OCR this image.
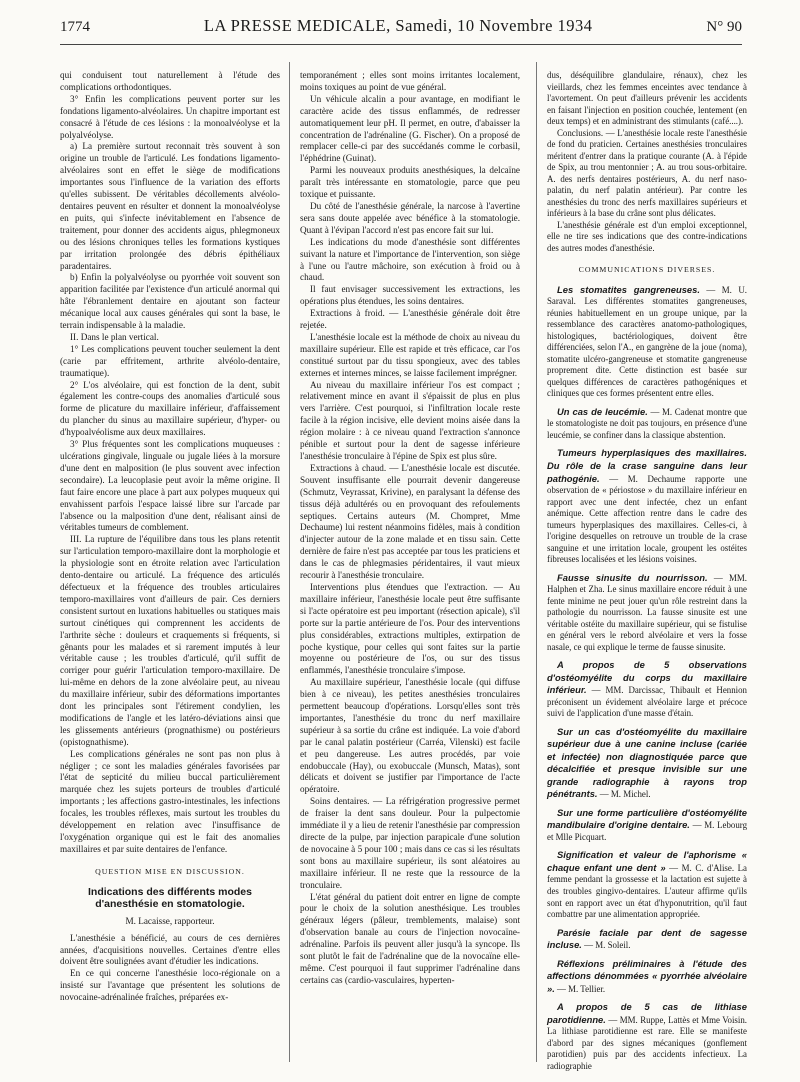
1774	LA PRESSE MEDICALE, Samedi, 10 Novembre 1934	N° 90

qui conduisent tout naturellement à l'étude des complications orthodontiques.

3° Enfin les complications peuvent porter sur les fondations ligamento-alvéolaires. Un chapitre important est consacré à l'étude de ces lésions : la monoalvéolyse et la polyalvéolyse.

a) La première surtout reconnait très souvent à son origine un trouble de l'articulé. Les fondations ligamento-alvéolaires sont en effet le siège de modifications importantes sous l'influence de la variation des efforts qu'elles subissent. De véritables décollements alvéolo-dentaires peuvent en résulter et donnent la monoalvéolyse en puits, qui s'infecte inévitablement en l'absence de traitement, pour donner des accidents aigus, phlegmoneux ou des lésions chroniques telles les formations kystiques par irritation prolongée des débris épithéliaux paradentaires.

b) Enfin la polyalvéolyse ou pyorrhée voit souvent son apparition facilitée par l'existence d'un articulé anormal qui hâte l'ébranlement dentaire en ajoutant son facteur mécanique local aux causes générales qui sont la base, le terrain indispensable à la maladie.

II. Dans le plan vertical.

1° Les complications peuvent toucher seulement la dent (carie par effritement, arthrite alvéolo-dentaire, traumatique).

2° L'os alvéolaire, qui est fonction de la dent, subit également les contre-coups des anomalies d'articulé sous forme de plicature du maxillaire inférieur, d'affaissement du plancher du sinus au maxillaire supérieur, d'hyper- ou d'hypoalvéolisme aux deux maxillaires.

3° Plus fréquentes sont les complications muqueuses : ulcérations gingivale, linguale ou jugale liées à la morsure d'une dent en malposition (le plus souvent avec infection secondaire). La leucoplasie peut avoir la même origine. Il faut faire encore une place à part aux polypes muqueux qui envahissent parfois l'espace laissé libre sur l'arcade par l'absence ou la malposition d'une dent, réalisant ainsi de véritables tumeurs de comblement.

III. La rupture de l'équilibre dans tous les plans retentit sur l'articulation temporo-maxillaire dont la morphologie et la physiologie sont en étroite relation avec l'articulation dento-dentaire ou articulé. La fréquence des articulés défectueux et la fréquence des troubles articulaires temporo-maxillaires vont d'ailleurs de pair. Ces derniers consistent surtout en luxations habituelles ou statiques mais surtout cinétiques qui comprennent les accidents de l'arthrite sèche : douleurs et craquements si fréquents, si gênants pour les malades et si rarement imputés à leur véritable cause ; les troubles d'articulé, qu'il suffit de corriger pour guérir l'articulation temporo-maxillaire. De lui-même en dehors de la zone alvéolaire peut, au niveau du maxillaire inférieur, subir des déformations importantes dont les principales sont l'étirement condylien, les modifications de l'angle et les latéro-déviations ainsi que les glissements antérieurs (prognathisme) ou postérieurs (opistognathisme).

Les complications générales ne sont pas non plus à négliger ; ce sont les maladies générales favorisées par l'état de septicité du milieu buccal particulièrement marquée chez les sujets porteurs de troubles d'articulé importants ; les affections gastro-intestinales, les infections focales, les troubles réflexes, mais surtout les troubles du développement en relation avec l'insuffisance de l'oxygénation organique qui est le fait des anomalies maxillaires et par suite dentaires de l'enfance.

QUESTION MISE EN DISCUSSION.

Indications des différents modes d'anesthésie en stomatologie.

M. Lacaisse, rapporteur.

L'anesthésie a bénéficié, au cours de ces dernières années, d'acquisitions nouvelles. Certaines d'entre elles doivent être soulignées avant d'étudier les indications.

En ce qui concerne l'anesthésie loco-régionale on a insisté sur l'avantage que présentent les solutions de novocaine-adrénalinée fraîches, préparées ex-

temporanément ; elles sont moins irritantes localement, moins toxiques au point de vue général.

Un véhicule alcalin a pour avantage, en modifiant le caractère acide des tissus enflammés, de redresser automatiquement leur pH. Il permet, en outre, d'abaisser la concentration de l'adrénaline (G. Fischer). On a proposé de remplacer celle-ci par des succédanés comme le corbasil, l'éphédrine (Guinat).

Parmi les nouveaux produits anesthésiques, la delcaïne paraît très intéressante en stomatologie, parce que peu toxique et puissante.

Du côté de l'anesthésie générale, la narcose à l'avertine sera sans doute appelée avec bénéfice à la stomatologie. Quant à l'évipan l'accord n'est pas encore fait sur lui.

Les indications du mode d'anesthésie sont différentes suivant la nature et l'importance de l'intervention, son siège à l'une ou l'autre mâchoire, son exécution à froid ou à chaud.

Il faut envisager successivement les extractions, les opérations plus étendues, les soins dentaires.

Extractions à froid. — L'anesthésie générale doit être rejetée.

L'anesthésie locale est la méthode de choix au niveau du maxillaire supérieur. Elle est rapide et très efficace, car l'os constitué surtout par du tissu spongieux, avec des tables externes et internes minces, se laisse facilement imprégner.

Au niveau du maxillaire inférieur l'os est compact ; relativement mince en avant il s'épaissit de plus en plus vers l'arrière. C'est pourquoi, si l'infiltration locale reste facile à la région incisive, elle devient moins aisée dans la région molaire : à ce niveau quand l'extraction s'annonce pénible et surtout pour la dent de sagesse inférieure l'anesthésie tronculaire à l'épine de Spix est plus sûre.

Extractions à chaud. — L'anesthésie locale est discutée. Souvent insuffisante elle pourrait devenir dangereuse (Schmutz, Veyrassat, Krivine), en paralysant la défense des tissus déjà adultérés ou en provoquant des refoulements septiques. Certains auteurs (M. Chompret, Mme Dechaume) lui restent néanmoins fidèles, mais à condition d'injecter autour de la zone malade et en tissu sain. Cette dernière de faire n'est pas acceptée par tous les praticiens et dans le cas de phlegmasies péridentaires, il vaut mieux recourir à l'anesthésie tronculaire.

Interventions plus étendues que l'extraction. — Au maxillaire inférieur, l'anesthésie locale peut être suffisante si l'acte opératoire est peu important (résection apicale), s'il porte sur la partie antérieure de l'os. Pour des interventions plus considérables, extractions multiples, extirpation de poche kystique, pour celles qui sont faites sur la partie moyenne ou postérieure de l'os, ou sur des tissus enflammés, l'anesthésie tronculaire s'impose.

Au maxillaire supérieur, l'anesthésie locale (qui diffuse bien à ce niveau), les petites anesthésies tronculaires permettent beaucoup d'opérations. Lorsqu'elles sont très importantes, l'anesthésie du tronc du nerf maxillaire supérieur à sa sortie du crâne est indiquée. La voie d'abord par le canal palatin postérieur (Carréa, Vilenski) est facile et peu dangereuse. Les autres procédés, par voie endobuccale (Hay), ou exobuccale (Munsch, Matas), sont délicats et doivent se justifier par l'importance de l'acte opératoire.

Soins dentaires. — La réfrigération progressive permet de fraiser la dent sans douleur. Pour la pulpectomie immédiate il y a lieu de retenir l'anesthésie par compression directe de la pulpe, par injection parapicale d'une solution de novocaine à 5 pour 100 ; mais dans ce cas si les résultats sont bons au maxillaire supérieur, ils sont aléatoires au maxillaire inférieur. Il ne reste que la ressource de la tronculaire.

L'état général du patient doit entrer en ligne de compte pour le choix de la solution anesthésique. Les troubles généraux légers (pâleur, tremblements, malaise) sont d'observation banale au cours de l'injection novocaïne-adrénaline. Parfois ils peuvent aller jusqu'à la syncope. Ils sont plutôt le fait de l'adrénaline que de la novocaïne elle-même. C'est pourquoi il faut supprimer l'adrénaline dans certains cas (cardio-vasculaires, hyperten-

dus, déséquilibre glandulaire, rénaux), chez les vieillards, chez les femmes enceintes avec tendance à l'avortement. On peut d'ailleurs prévenir les accidents en faisant l'injection en position couchée, lentement (en deux temps) et en administrant des stimulants (café....).

Conclusions. — L'anesthésie locale reste l'anesthésie de fond du praticien. Certaines anesthésies tronculaires méritent d'entrer dans la pratique courante (A. à l'épide de Spix, au trou mentonnier ; A. au trou sous-orbitaire. A. des nerfs dentaires postérieurs, A. du nerf naso-palatin, du nerf palatin antérieur). Par contre les anesthésies du tronc des nerfs maxillaires supérieurs et inférieurs à la base du crâne sont plus délicates.

L'anesthésie générale est d'un emploi exceptionnel, elle ne tire ses indications que des contre-indications des autres modes d'anesthésie.

COMMUNICATIONS DIVERSES.

Les stomatites gangreneuses. — M. U. Saraval. Les différentes stomatites gangreneuses, réunies habituellement en un groupe unique, par la ressemblance des caractères anatomo-pathologiques, histologiques, bactériologiques, doivent être différenciées, selon l'A., en gangrène de la joue (noma), stomatite ulcéro-gangreneuse et stomatite gangreneuse proprement dite. Cette distinction est basée sur quelques différences de caractères pathogéniques et cliniques que ces formes présentent entre elles.

Un cas de leucémie. — M. Cadenat montre que le stomatologiste ne doit pas toujours, en présence d'une leucémie, se confiner dans la classique abstention.

Tumeurs hyperplasiques des maxillaires. Du rôle de la crase sanguine dans leur pathogénie. — M. Dechaume rapporte une observation de « périostose » du maxillaire inférieur en rapport avec une dent infectée, chez un enfant anémique. Cette affection rentre dans le cadre des tumeurs hyperplasiques des maxillaires. Celles-ci, à l'origine desquelles on retrouve un trouble de la crase sanguine et une irritation locale, groupent les ostéites fibreuses localisées et les lésions voisines.

Fausse sinusite du nourrisson. — MM. Halphen et Zha. Le sinus maxillaire encore réduit à une fente minime ne peut jouer qu'un rôle restreint dans la pathologie du nourrisson. La fausse sinusite est une véritable ostéite du maxillaire supérieur, qui se fistulise en général vers le rebord alvéolaire et vers la fosse nasale, ce qui explique le terme de fausse sinusite.

A propos de 5 observations d'ostéomyélite du corps du maxillaire inférieur. — MM. Darcissac, Thibault et Hennion préconisent un évidement alvéolaire large et précoce suivi de l'application d'une masse d'étain.

Sur un cas d'ostéomyélite du maxillaire supérieur due à une canine incluse (cariée et infectée) non diagnostiquée parce que décalcifiée et presque invisible sur une grande radiographie à rayons trop pénétrants. — M. Michel.

Sur une forme particulière d'ostéomyélite mandibulaire d'origine dentaire. — M. Lebourg et Mlle Picquart.

Signification et valeur de l'aphorisme « chaque enfant une dent » — M. C. d'Alise. La femme pendant la grossesse et la lactation est sujette à des troubles gingivo-dentaires. L'auteur affirme qu'ils sont en rapport avec un état d'hyponutrition, qu'il faut combattre par une alimentation appropriée.

Parésie faciale par dent de sagesse incluse. — M. Soleil.

Réflexions préliminaires à l'étude des affections dénommées « pyorrhée alvéolaire ». — M. Tellier.

A propos de 5 cas de lithiase parotidienne. — MM. Ruppe, Lattès et Mme Voisin. La lithiase parotidienne est rare. Elle se manifeste d'abord par des signes mécaniques (gonflement parotidien) puis par des accidents infectieux. La radiographie
